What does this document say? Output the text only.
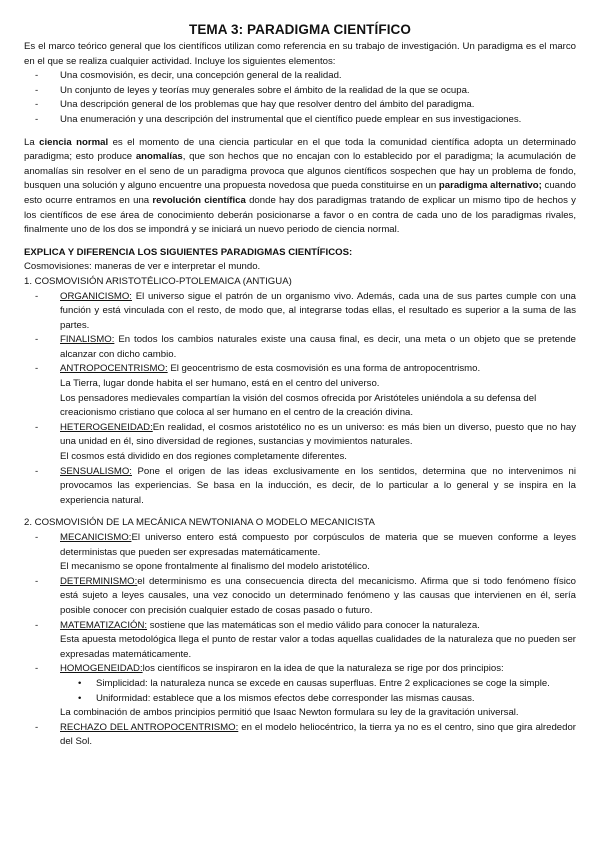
TEMA 3: PARADIGMA CIENTÍFICO

Es el marco teórico general que los científicos utilizan como referencia en su trabajo de investigación. Un paradigma es el marco en el que se realiza cualquier actividad. Incluye los siguientes elementos:

- Una cosmovisión, es decir, una concepción general de la realidad.
- Un conjunto de leyes y teorías muy generales sobre el ámbito de la realidad de la que se ocupa.
- Una descripción general de los problemas que hay que resolver dentro del ámbito del paradigma.
- Una enumeración y una descripción del instrumental que el científico puede emplear en sus investigaciones.

La ciencia normal es el momento de una ciencia particular en el que toda la comunidad científica adopta un determinado paradigma; esto produce anomalías, que son hechos que no encajan con lo establecido por el paradigma; la acumulación de anomalías sin resolver en el seno de un paradigma provoca que algunos científicos sospechen que hay un problema de fondo, busquen una solución y alguno encuentre una propuesta novedosa que pueda constituirse en un paradigma alternativo; cuando esto ocurre entramos en una revolución científica donde hay dos paradigmas tratando de explicar un mismo tipo de hechos y los científicos de ese área de conocimiento deberán posicionarse a favor o en contra de cada uno de los paradigmas rivales, finalmente uno de los dos se impondrá y se iniciará un nuevo periodo de ciencia normal.

EXPLICA Y DIFERENCIA LOS SIGUIENTES PARADIGMAS CIENTÍFICOS:

Cosmovisiones: maneras de ver e interpretar el mundo.

1. COSMOVISIÓN ARISTOTÉLICO-PTOLEMAICA (ANTIGUA)

- ORGANICISMO: El universo sigue el patrón de un organismo vivo. Además, cada una de sus partes cumple con una función y está vinculada con el resto, de modo que, al integrarse todas ellas, el resultado es superior a la suma de las partes.
- FINALISMO: En todos los cambios naturales existe una causa final, es decir, una meta o un objeto que se pretende alcanzar con dicho cambio.
- ANTROPOCENTRISMO: El geocentrismo de esta cosmovisión es una forma de antropocentrismo.
La Tierra, lugar donde habita el ser humano, está en el centro del universo.
Los pensadores medievales compartían la visión del cosmos ofrecida por Aristóteles uniéndola a su defensa del creacionismo cristiano que coloca al ser humano en el centro de la creación divina.
- HETEROGENEIDAD:En realidad, el cosmos aristotélico no es un universo: es más bien un diverso, puesto que no hay una unidad en él, sino diversidad de regiones, sustancias y movimientos naturales.
El cosmos está dividido en dos regiones completamente diferentes.
- SENSUALISMO: Pone el origen de las ideas exclusivamente en los sentidos, determina que no intervenimos ni provocamos las experiencias. Se basa en la inducción, es decir, de lo particular a lo general y se inspira en la experiencia natural.

2. COSMOVISIÓN DE LA MECÁNICA NEWTONIANA O MODELO MECANICISTA

- MECANICISMO:El universo entero está compuesto por corpúsculos de materia que se mueven conforme a leyes deterministas que pueden ser expresadas matemáticamente.
El mecanismo se opone frontalmente al finalismo del modelo aristotélico.
- DETERMINISMO:el determinismo es una consecuencia directa del mecanicismo. Afirma que si todo fenómeno físico está sujeto a leyes causales, una vez conocido un determinado fenómeno y las causas que intervienen en él, sería posible conocer con precisión cualquier estado de cosas pasado o futuro.
- MATEMATIZACIÓN: sostiene que las matemáticas son el medio válido para conocer la naturaleza.
Esta apuesta metodológica llega el punto de restar valor a todas aquellas cualidades de la naturaleza que no pueden ser expresadas matemáticamente.
- HOMOGENEIDAD:los científicos se inspiraron en la idea de que la naturaleza se rige por dos principios:
• Simplicidad: la naturaleza nunca se excede en causas superfluas. Entre 2 explicaciones se coge la simple.
• Uniformidad: establece que a los mismos efectos debe corresponder las mismas causas.
La combinación de ambos principios permitió que Isaac Newton formulara su ley de la gravitación universal.
- RECHAZO DEL ANTROPOCENTRISMO: en el modelo heliocéntrico, la tierra ya no es el centro, sino que gira alrededor del Sol.
